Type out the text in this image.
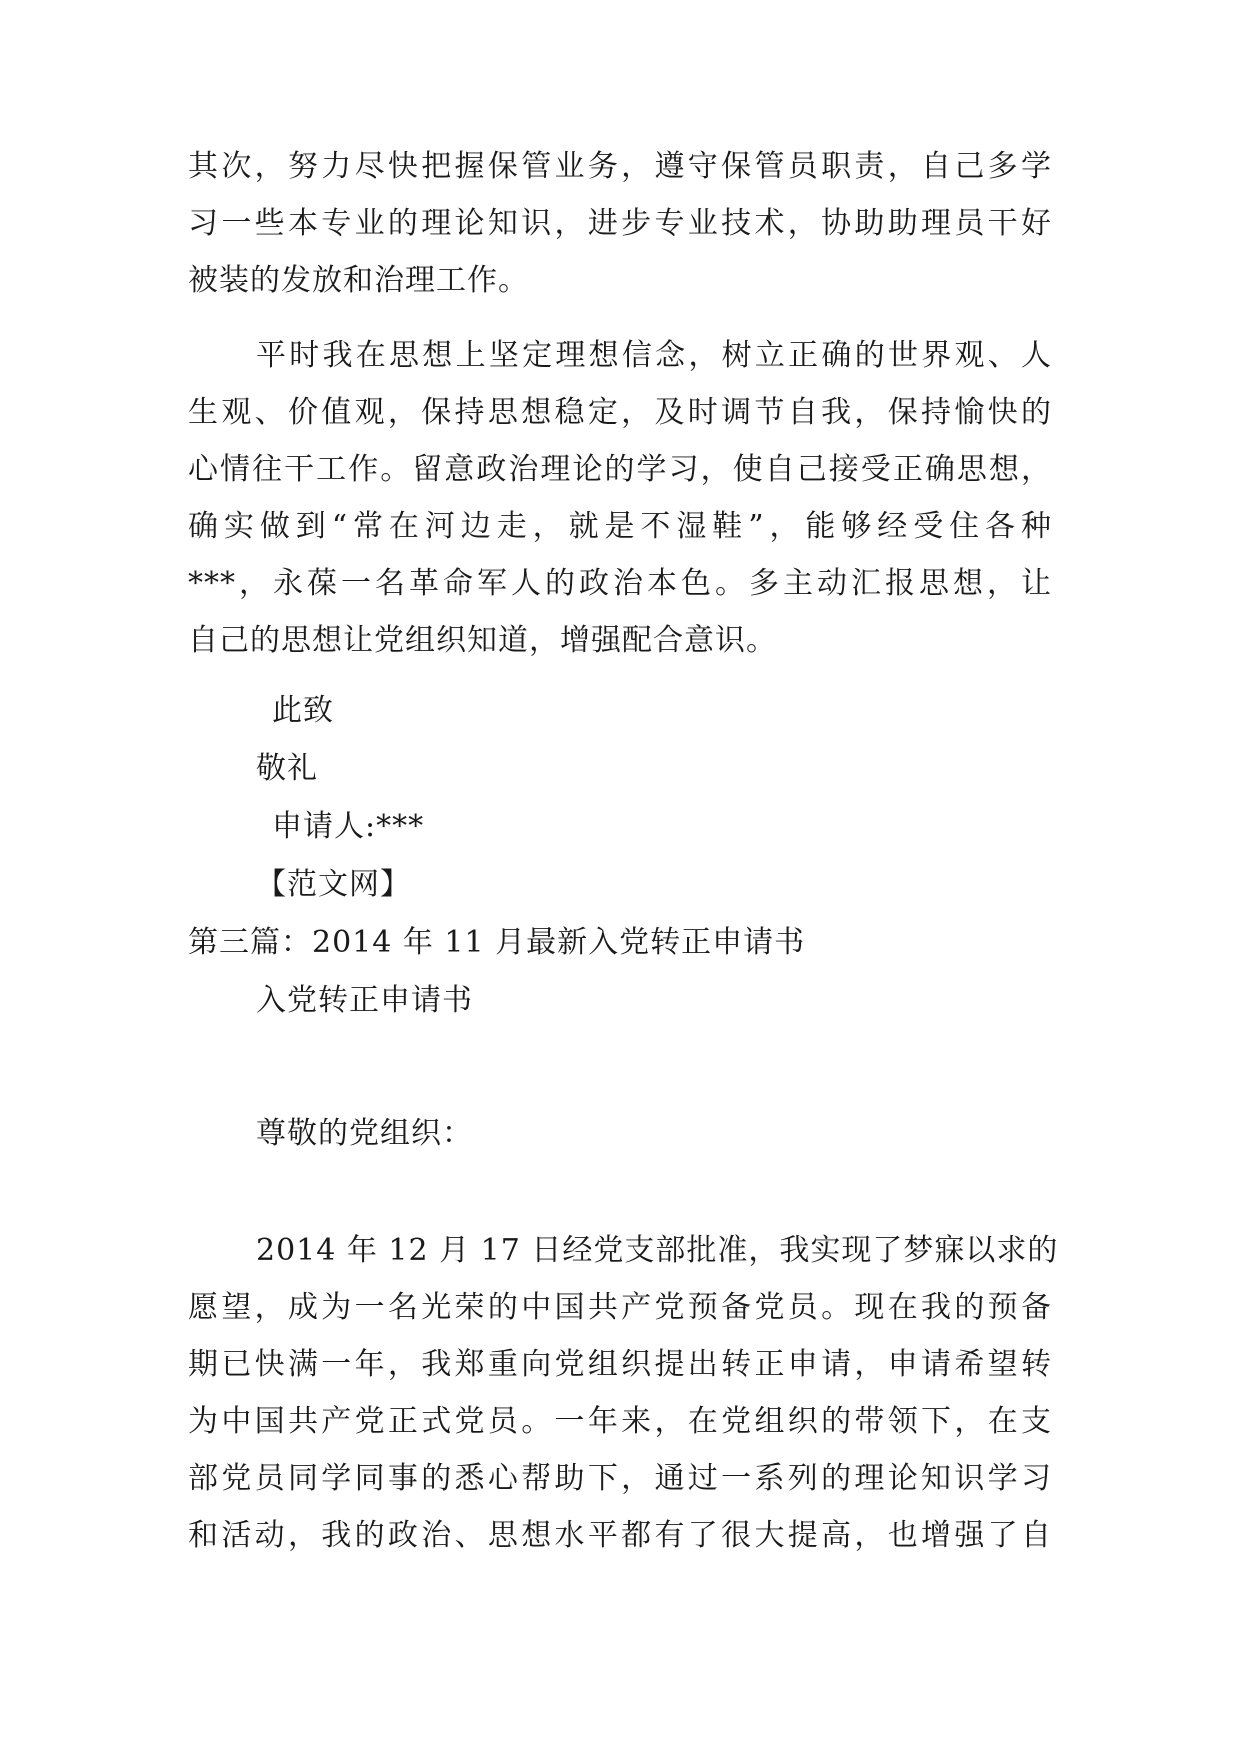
其次，努力尽快把握保管业务，遵守保管员职责，自己多学
习一些本专业的理论知识，进步专业技术，协助助理员干好
被装的发放和治理工作。
平时我在思想上坚定理想信念，树立正确的世界观、人
生观、价值观，保持思想稳定，及时调节自我，保持愉快的
心情往干工作。留意政治理论的学习，使自己接受正确思想，
确实做到“常在河边走，就是不湿鞋”，能够经受住各种
***，永葆一名革命军人的政治本色。多主动汇报思想，让
自己的思想让党组织知道，增强配合意识。
此致
敬礼
申请人:***
【范文网】
第三篇：2014 年 11 月最新入党转正申请书
入党转正申请书
尊敬的党组织：
2014 年 12 月 17 日经党支部批准，我实现了梦寐以求的
愿望，成为一名光荣的中国共产党预备党员。现在我的预备
期已快满一年，我郑重向党组织提出转正申请，申请希望转
为中国共产党正式党员。一年来，在党组织的带领下，在支
部党员同学同事的悉心帮助下，通过一系列的理论知识学习
和活动，我的政治、思想水平都有了很大提高，也增强了自
